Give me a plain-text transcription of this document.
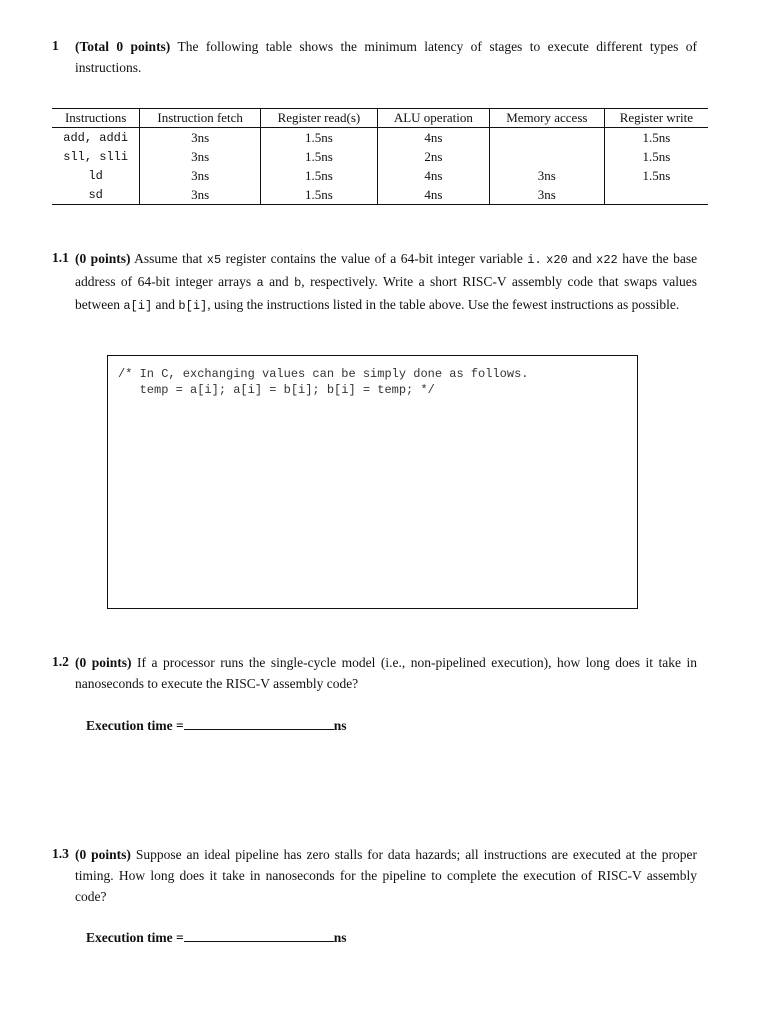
1 (Total 0 points) The following table shows the minimum latency of stages to execute different types of instructions.
Instructions	Instruction fetch	Register read(s)	ALU operation	Memory access	Register write
add, addi	3ns	1.5ns	4ns		1.5ns
sll, slli	3ns	1.5ns	2ns		1.5ns
ld	3ns	1.5ns	4ns	3ns	1.5ns
sd	3ns	1.5ns	4ns	3ns	
1.1 (0 points) Assume that x5 register contains the value of a 64-bit integer variable i. x20 and x22 have the base address of 64-bit integer arrays a and b, respectively. Write a short RISC-V assembly code that swaps values between a[i] and b[i], using the instructions listed in the table above. Use the fewest instructions as possible.
/* In C, exchanging values can be simply done as follows.
temp = a[i]; a[i] = b[i]; b[i] = temp; */
1.2 (0 points) If a processor runs the single-cycle model (i.e., non-pipelined execution), how long does it take in nanoseconds to execute the RISC-V assembly code?
Execution time =	ns
1.3 (0 points) Suppose an ideal pipeline has zero stalls for data hazards; all instructions are executed at the proper timing. How long does it take in nanoseconds for the pipeline to complete the execution of RISC-V assembly code?
Execution time =	ns
